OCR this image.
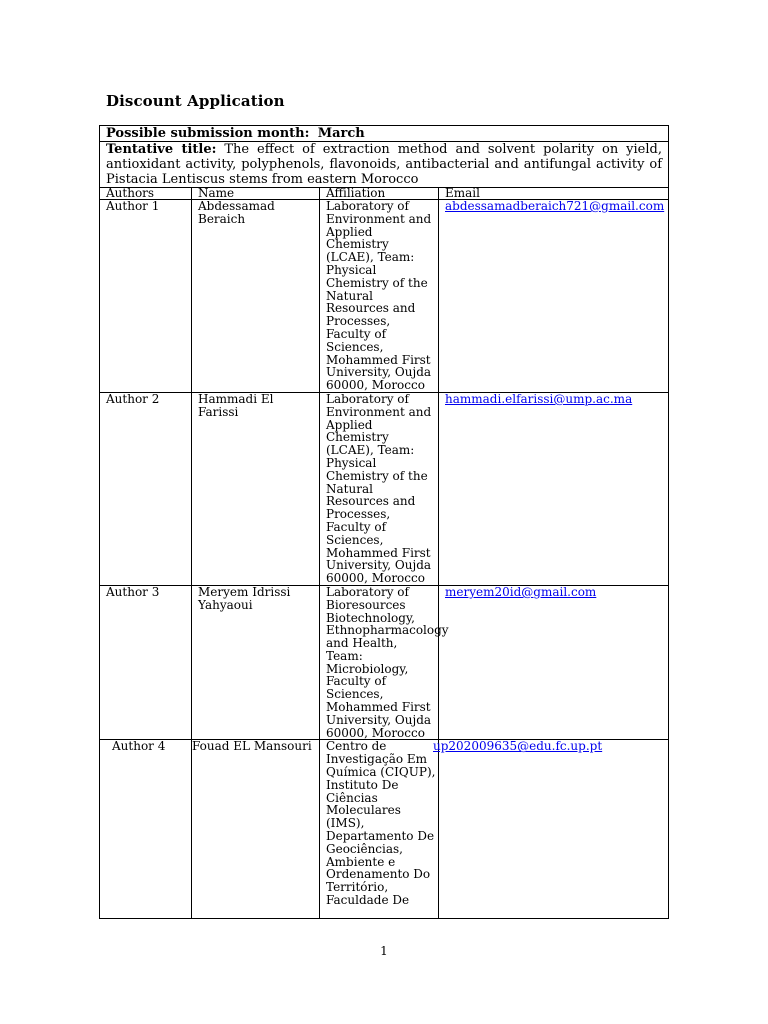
Discount Application
Possible submission month: March			
Tentative title: The effect of extraction method and solvent polarity on yield, antioxidant activity, polyphenols, flavonoids, antibacterial and antifungal activity of Pistacia Lentiscus stems from eastern Morocco			
Authors	Name	Affiliation	Email
Author 1	Abdessamad Beraich	Laboratory of Environment and Applied Chemistry (LCAE), Team: Physical Chemistry of the Natural Resources and Processes, Faculty of Sciences, Mohammed First University, Oujda 60000, Morocco	abdessamadberaich721@gmail.com
Author 2	Hammadi El Farissi	Laboratory of Environment and Applied Chemistry (LCAE), Team: Physical Chemistry of the Natural Resources and Processes, Faculty of Sciences, Mohammed First University, Oujda 60000, Morocco	hammadi.elfarissi@ump.ac.ma
Author 3	Meryem Idrissi Yahyaoui	Laboratory of Bioresources Biotechnology, Ethnopharmacology and Health, Team: Microbiology, Faculty of Sciences, Mohammed First University, Oujda 60000, Morocco	meryem20id@gmail.com
Author 4	Fouad EL Mansouri	Centro de Investigação Em Química (CIQUP), Instituto De Ciências Moleculares (IMS), Departamento De Geociências, Ambiente e Ordenamento Do Território, Faculdade De	up202009635@edu.fc.up.pt
1
